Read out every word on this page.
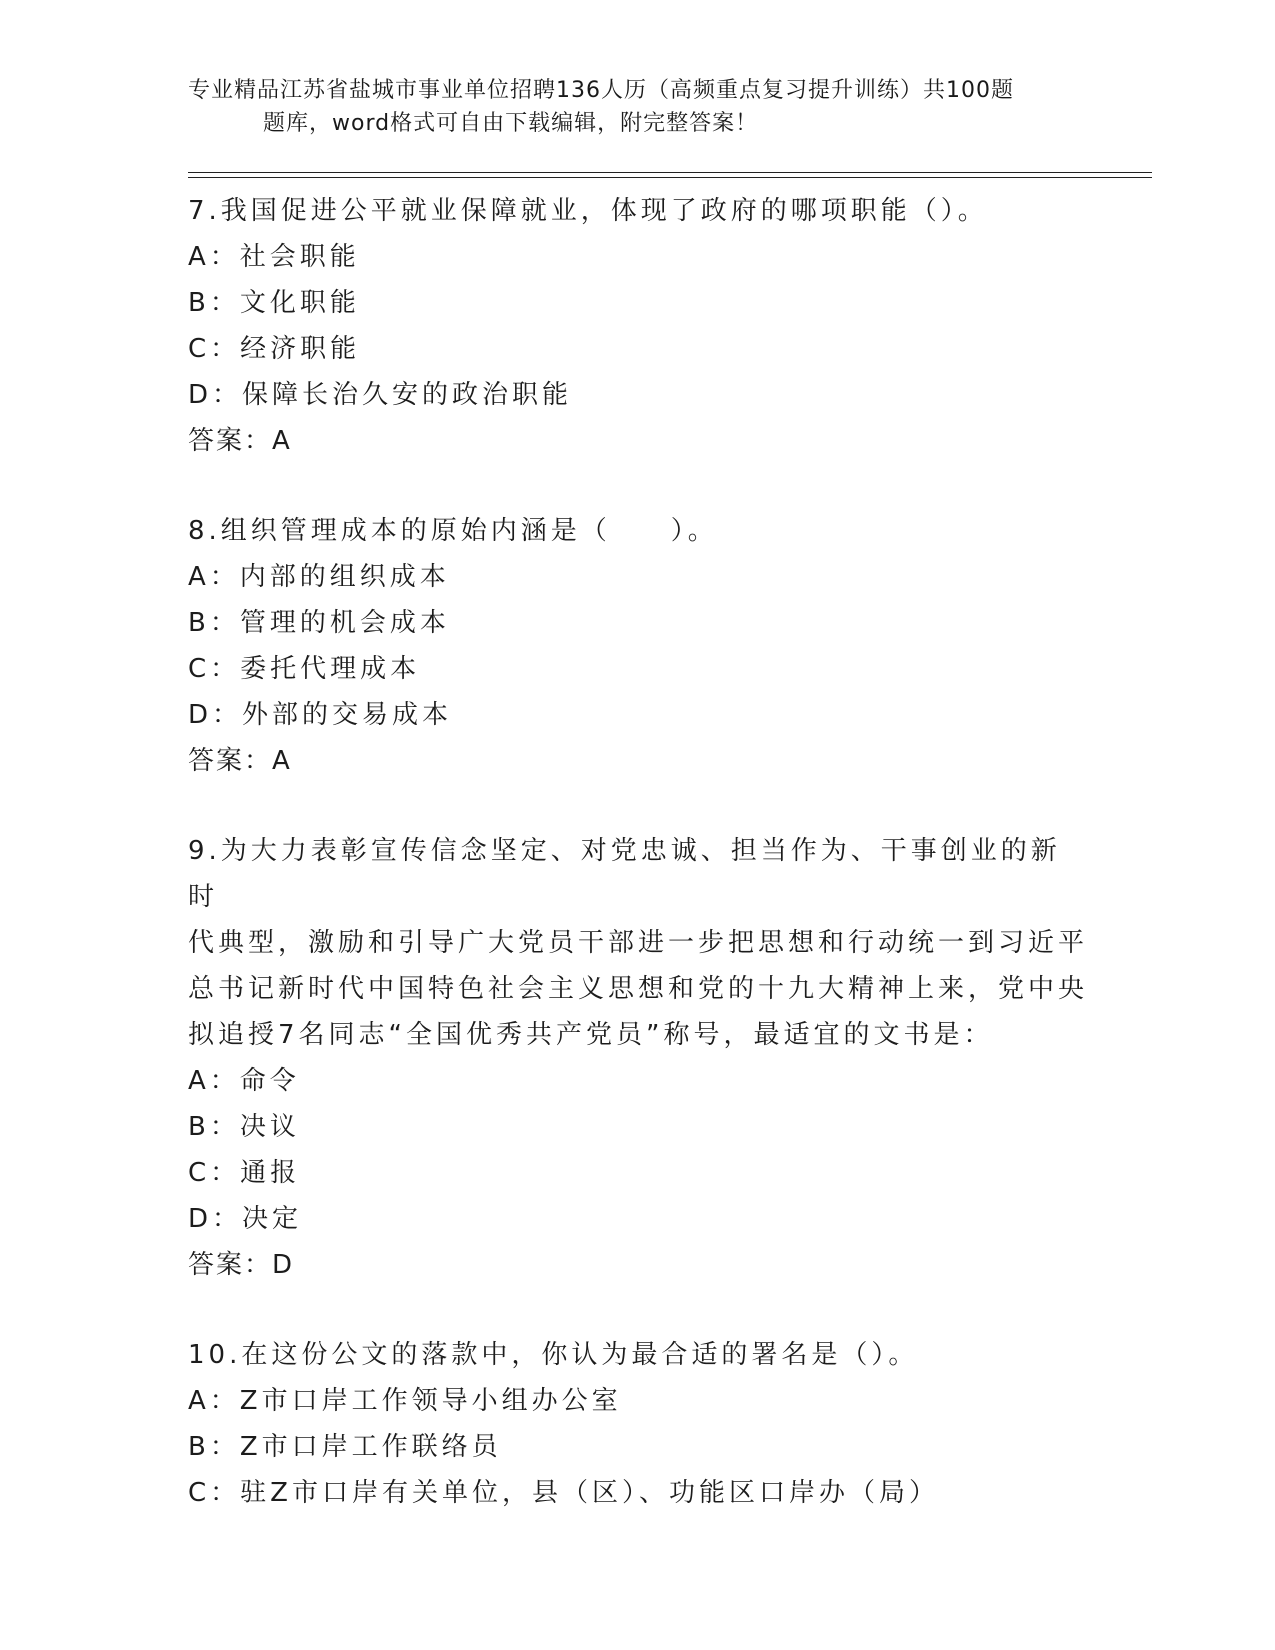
专业精品江苏省盐城市事业单位招聘136人历（高频重点复习提升训练）共100题
题库，word格式可自由下载编辑，附完整答案！

7.我国促进公平就业保障就业，体现了政府的哪项职能（）。

A：社会职能

B：文化职能

C：经济职能

D：保障长治久安的政治职能

答案：A

8.组织管理成本的原始内涵是（　　）。

A：内部的组织成本

B：管理的机会成本

C：委托代理成本

D：外部的交易成本

答案：A

9.为大力表彰宣传信念坚定、对党忠诚、担当作为、干事创业的新时

代典型，激励和引导广大党员干部进一步把思想和行动统一到习近平

总书记新时代中国特色社会主义思想和党的十九大精神上来，党中央

拟追授7名同志“全国优秀共产党员”称号，最适宜的文书是：

A：命令

B：决议

C：通报

D：决定

答案：D

10.在这份公文的落款中，你认为最合适的署名是（）。

A：Z市口岸工作领导小组办公室

B：Z市口岸工作联络员

C：驻Z市口岸有关单位，县（区）、功能区口岸办（局）
